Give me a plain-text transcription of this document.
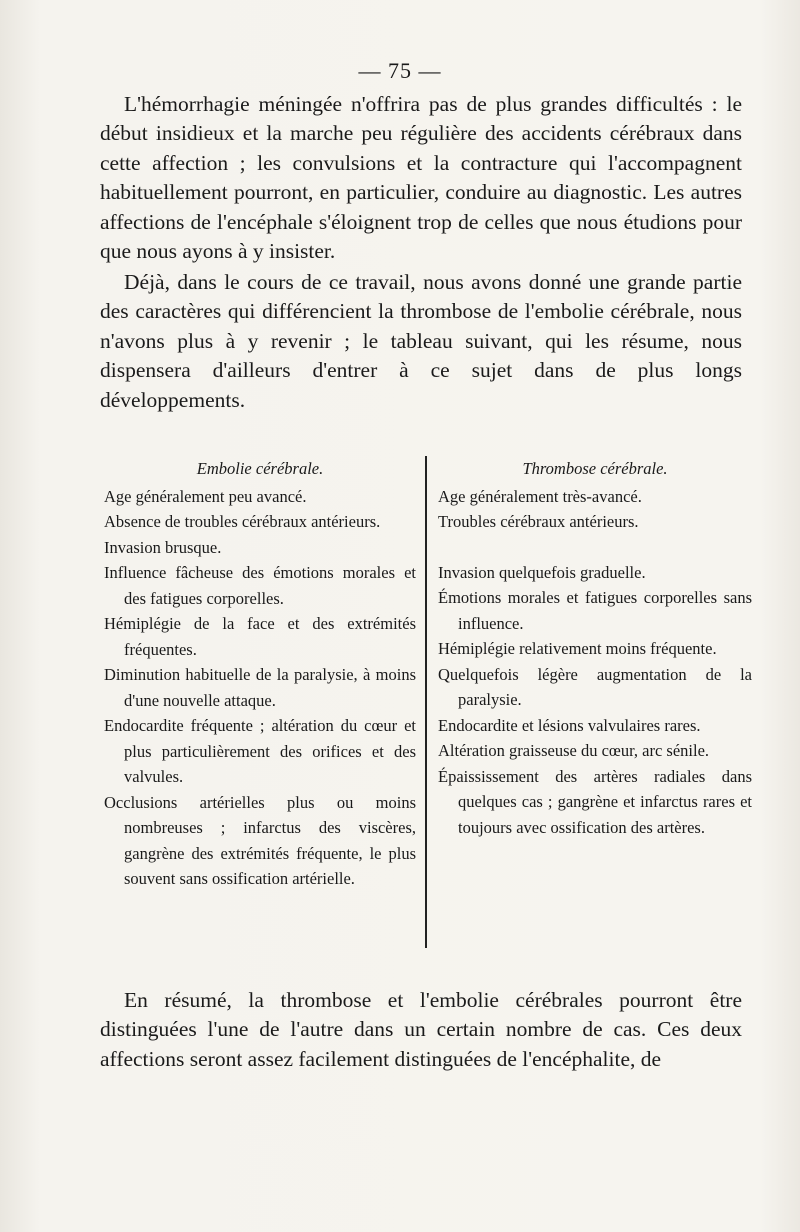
— 75 —

L'hémorrhagie méningée n'offrira pas de plus grandes difficultés : le début insidieux et la marche peu régulière des accidents cérébraux dans cette affection ; les convulsions et la contracture qui l'accompagnent habituellement pourront, en particulier, conduire au diagnostic. Les autres affections de l'encéphale s'éloignent trop de celles que nous étudions pour que nous ayons à y insister.

Déjà, dans le cours de ce travail, nous avons donné une grande partie des caractères qui différencient la thrombose de l'embolie cérébrale, nous n'avons plus à y revenir ; le tableau suivant, qui les résume, nous dispensera d'ailleurs d'entrer à ce sujet dans de plus longs développements.

Embolie cérébrale.
Age généralement peu avancé.
Absence de troubles cérébraux antérieurs.
Invasion brusque.
Influence fâcheuse des émotions morales et des fatigues corporelles.
Hémiplégie de la face et des extrémités fréquentes.
Diminution habituelle de la paralysie, à moins d'une nouvelle attaque.
Endocardite fréquente ; altération du cœur et plus particulièrement des orifices et des valvules.
Occlusions artérielles plus ou moins nombreuses ; infarctus des viscères, gangrène des extrémités fréquente, le plus souvent sans ossification artérielle.
Thrombose cérébrale.
Age généralement très-avancé.
Troubles cérébraux antérieurs.
Invasion quelquefois graduelle.
Émotions morales et fatigues corporelles sans influence.
Hémiplégie relativement moins fréquente.
Quelquefois légère augmentation de la paralysie.
Endocardite et lésions valvulaires rares.
Altération graisseuse du cœur, arc sénile.
Épaississement des artères radiales dans quelques cas ; gangrène et infarctus rares et toujours avec ossification des artères.

En résumé, la thrombose et l'embolie cérébrales pourront être distinguées l'une de l'autre dans un certain nombre de cas. Ces deux affections seront assez facilement distinguées de l'encéphalite, de
